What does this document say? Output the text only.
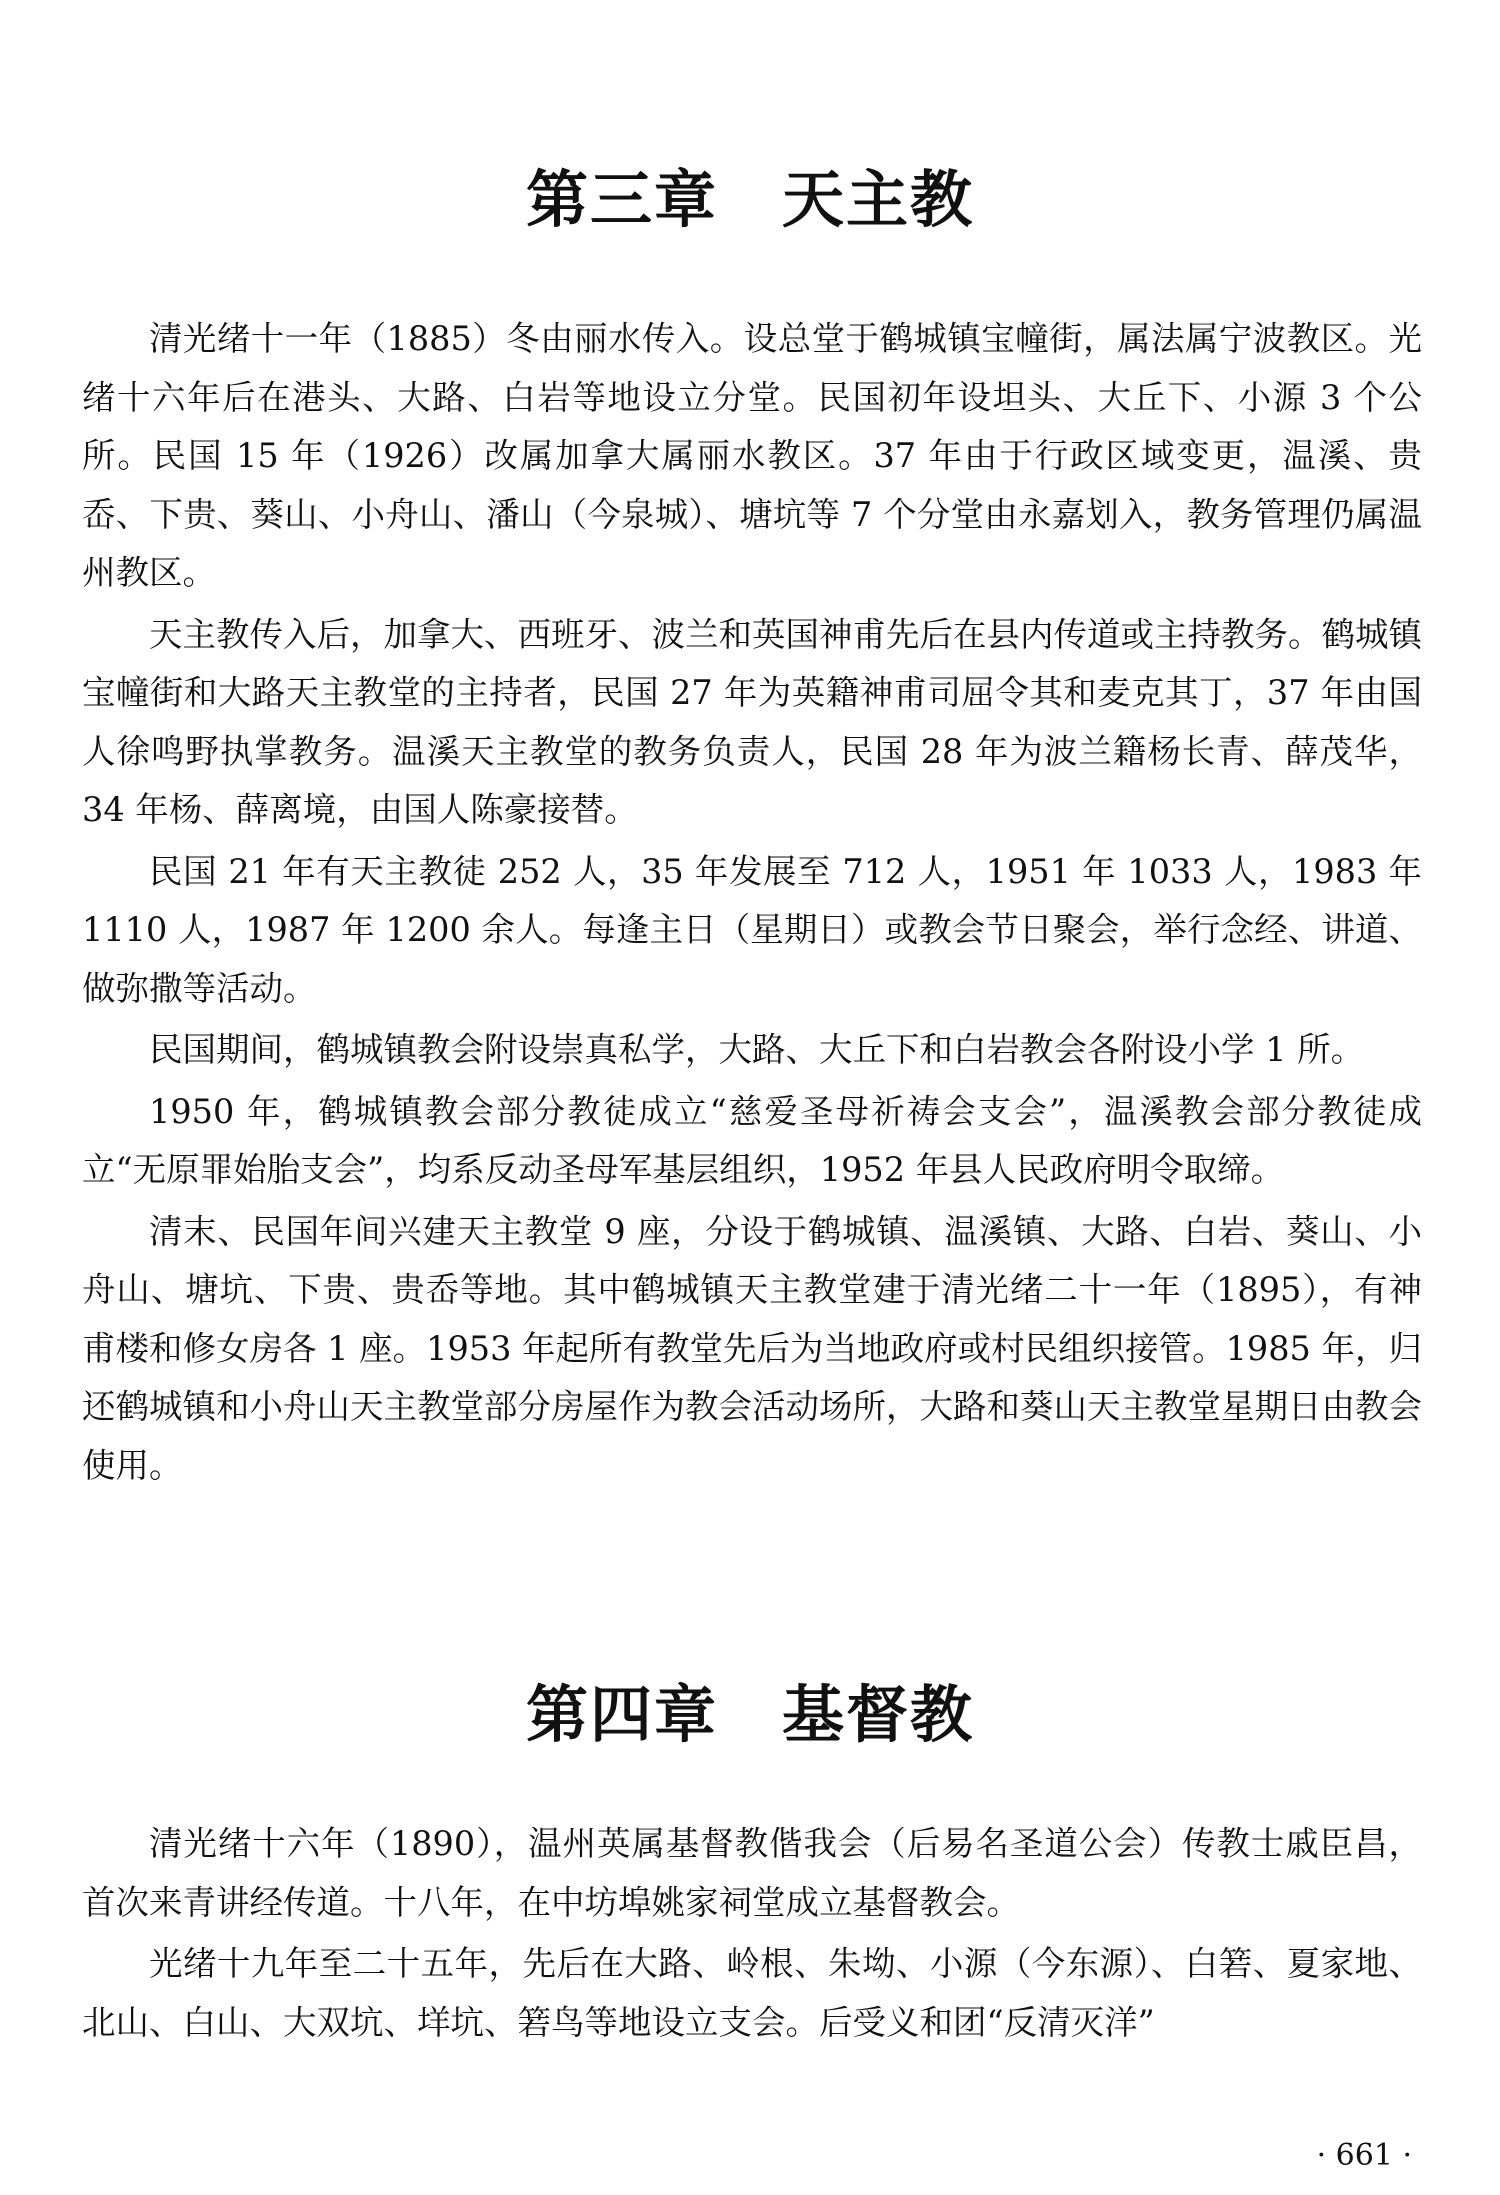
第三章　天主教

清光绪十一年（1885）冬由丽水传入。设总堂于鹤城镇宝幢街，属法属宁波教区。光绪十六年后在港头、大路、白岩等地设立分堂。民国初年设坦头、大丘下、小源 3 个公所。民国 15 年（1926）改属加拿大属丽水教区。37 年由于行政区域变更，温溪、贵岙、下贵、葵山、小舟山、潘山（今泉城）、塘坑等 7 个分堂由永嘉划入，教务管理仍属温州教区。

天主教传入后，加拿大、西班牙、波兰和英国神甫先后在县内传道或主持教务。鹤城镇宝幢街和大路天主教堂的主持者，民国 27 年为英籍神甫司屈令其和麦克其丁，37 年由国人徐鸣野执掌教务。温溪天主教堂的教务负责人，民国 28 年为波兰籍杨长青、薛茂华，34 年杨、薛离境，由国人陈豪接替。

民国 21 年有天主教徒 252 人，35 年发展至 712 人，1951 年 1033 人，1983 年 1110 人，1987 年 1200 余人。每逢主日（星期日）或教会节日聚会，举行念经、讲道、做弥撒等活动。

民国期间，鹤城镇教会附设崇真私学，大路、大丘下和白岩教会各附设小学 1 所。

1950 年，鹤城镇教会部分教徒成立“慈爱圣母祈祷会支会”，温溪教会部分教徒成立“无原罪始胎支会”，均系反动圣母军基层组织，1952 年县人民政府明令取缔。

清末、民国年间兴建天主教堂 9 座，分设于鹤城镇、温溪镇、大路、白岩、葵山、小舟山、塘坑、下贵、贵岙等地。其中鹤城镇天主教堂建于清光绪二十一年（1895），有神甫楼和修女房各 1 座。1953 年起所有教堂先后为当地政府或村民组织接管。1985 年，归还鹤城镇和小舟山天主教堂部分房屋作为教会活动场所，大路和葵山天主教堂星期日由教会使用。

第四章　基督教

清光绪十六年（1890），温州英属基督教偕我会（后易名圣道公会）传教士戚臣昌，首次来青讲经传道。十八年，在中坊埠姚家祠堂成立基督教会。

光绪十九年至二十五年，先后在大路、岭根、朱坳、小源（今东源）、白箬、夏家地、北山、白山、大双坑、垟坑、箬鸟等地设立支会。后受义和团“反清灭洋”

· 661 ·
